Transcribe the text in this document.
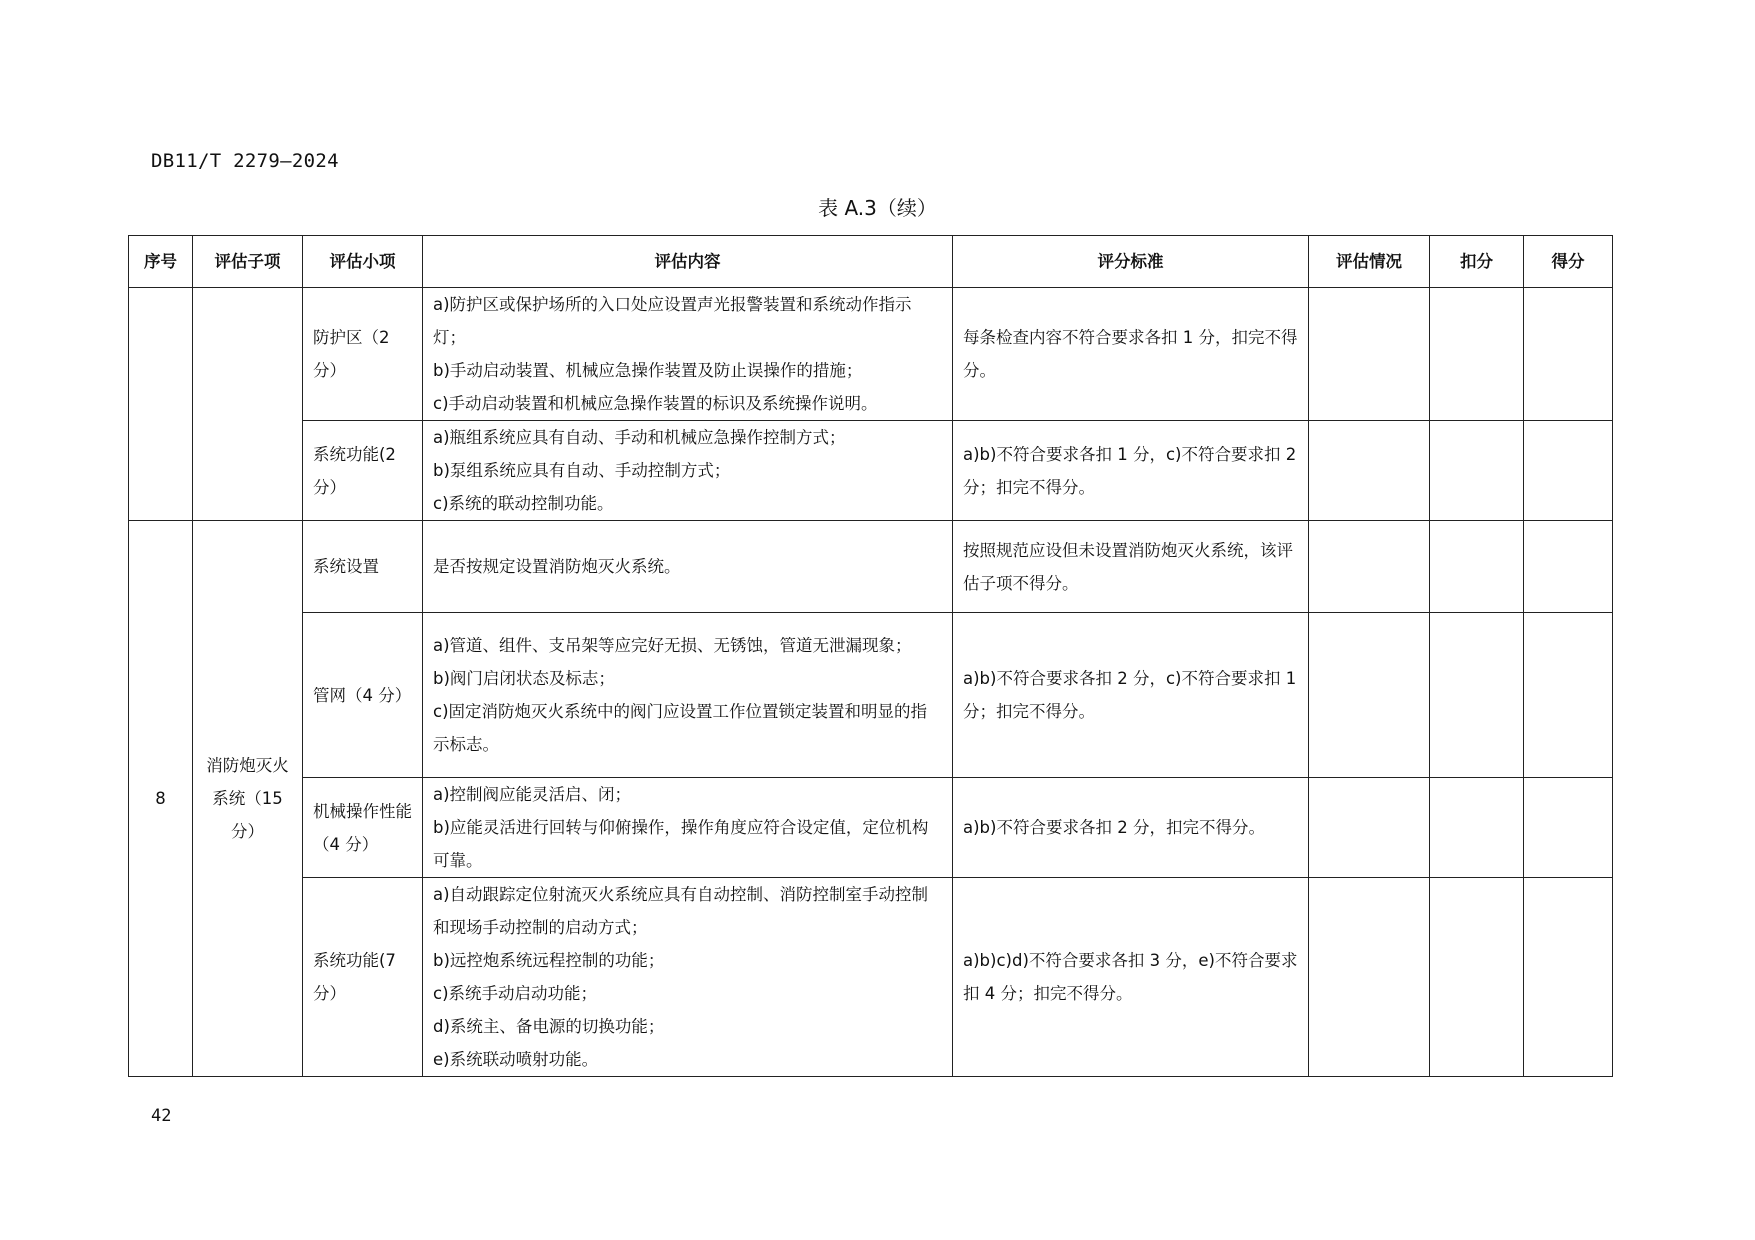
DB11/T 2279—2024
表 A.3（续）
序号	评估子项	评估小项	评估内容	评分标准	评估情况	扣分	得分
		防护区（2分）	a)防护区或保护场所的入口处应设置声光报警装置和系统动作指示灯；
b)手动启动装置、机械应急操作装置及防止误操作的措施；
c)手动启动装置和机械应急操作装置的标识及系统操作说明。	每条检查内容不符合要求各扣 1 分，扣完不得分。			
		系统功能(2分）	a)瓶组系统应具有自动、手动和机械应急操作控制方式；
b)泵组系统应具有自动、手动控制方式；
c)系统的联动控制功能。	a)b)不符合要求各扣 1 分，c)不符合要求扣 2 分；扣完不得分。			
8	消防炮灭火系统（15分）	系统设置	是否按规定设置消防炮灭火系统。	按照规范应设但未设置消防炮灭火系统，该评估子项不得分。			
		管网（4 分）	a)管道、组件、支吊架等应完好无损、无锈蚀，管道无泄漏现象；
b)阀门启闭状态及标志；
c)固定消防炮灭火系统中的阀门应设置工作位置锁定装置和明显的指示标志。	a)b)不符合要求各扣 2 分，c)不符合要求扣 1 分；扣完不得分。			
		机械操作性能（4 分）	a)控制阀应能灵活启、闭；
b)应能灵活进行回转与仰俯操作，操作角度应符合设定值，定位机构可靠。	a)b)不符合要求各扣 2 分，扣完不得分。			
		系统功能(7分）	a)自动跟踪定位射流灭火系统应具有自动控制、消防控制室手动控制和现场手动控制的启动方式；
b)远控炮系统远程控制的功能；
c)系统手动启动功能；
d)系统主、备电源的切换功能；
e)系统联动喷射功能。	a)b)c)d)不符合要求各扣 3 分，e)不符合要求扣 4 分；扣完不得分。			
42
